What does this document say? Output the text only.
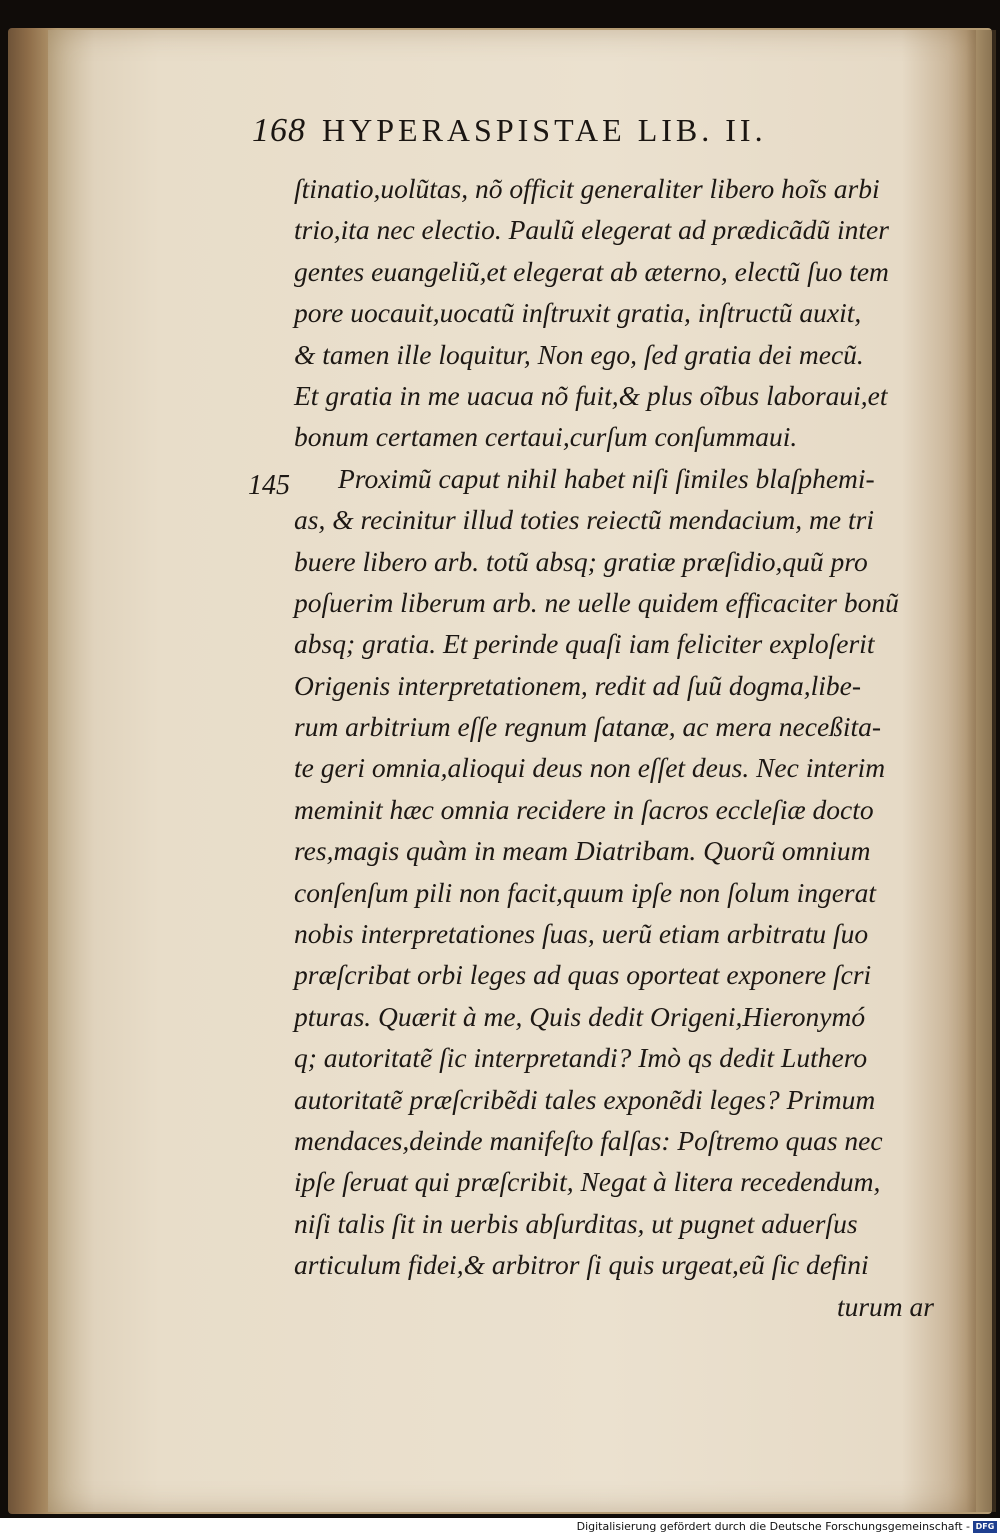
168 HYPERASPISTAE LIB. II.
145
ſtinatio,uolũtas, nõ officit generaliter libero hoĩs arbi
trio,ita nec electio. Paulũ elegerat ad prædicãdũ inter
gentes euangeliũ,et elegerat ab æterno, electũ ſuo tem
pore uocauit,uocatũ inſtruxit gratia, inſtructũ auxit,
& tamen ille loquitur, Non ego, ſed gratia dei mecũ.
Et gratia in me uacua nõ fuit,& plus oĩbus laboraui,et
bonum certamen certaui,curſum conſummaui.
Proximũ caput nihil habet niſi ſimiles blaſphemi-
as, & recinitur illud toties reiectũ mendacium, me tri
buere libero arb. totũ absq; gratiæ præſidio,quũ pro
poſuerim liberum arb. ne uelle quidem efficaciter bonũ
absq; gratia. Et perinde quaſi iam feliciter exploſerit
Origenis interpretationem, redit ad ſuũ dogma,libe-
rum arbitrium eſſe regnum ſatanæ, ac mera neceßita-
te geri omnia,alioqui deus non eſſet deus. Nec interim
meminit hæc omnia recidere in ſacros eccleſiæ docto
res,magis quàm in meam Diatribam. Quorũ omnium
conſenſum pili non facit,quum ipſe non ſolum ingerat
nobis interpretationes ſuas, uerũ etiam arbitratu ſuo
præſcribat orbi leges ad quas oporteat exponere ſcri
pturas. Quærit à me, Quis dedit Origeni,Hieronymó
q; autoritatẽ ſic interpretandi? Imò qs dedit Luthero
autoritatẽ præſcribẽdi tales exponẽdi leges? Primum
mendaces,deinde manifeſto falſas: Poſtremo quas nec
ipſe ſeruat qui præſcribit, Negat à litera recedendum,
niſi talis ſit in uerbis abſurditas, ut pugnet aduerſus
articulum fidei,& arbitror ſi quis urgeat,eũ ſic defini
turum ar
Digitalisierung gefördert durch die Deutsche Forschungsgemeinschaft - DFG
